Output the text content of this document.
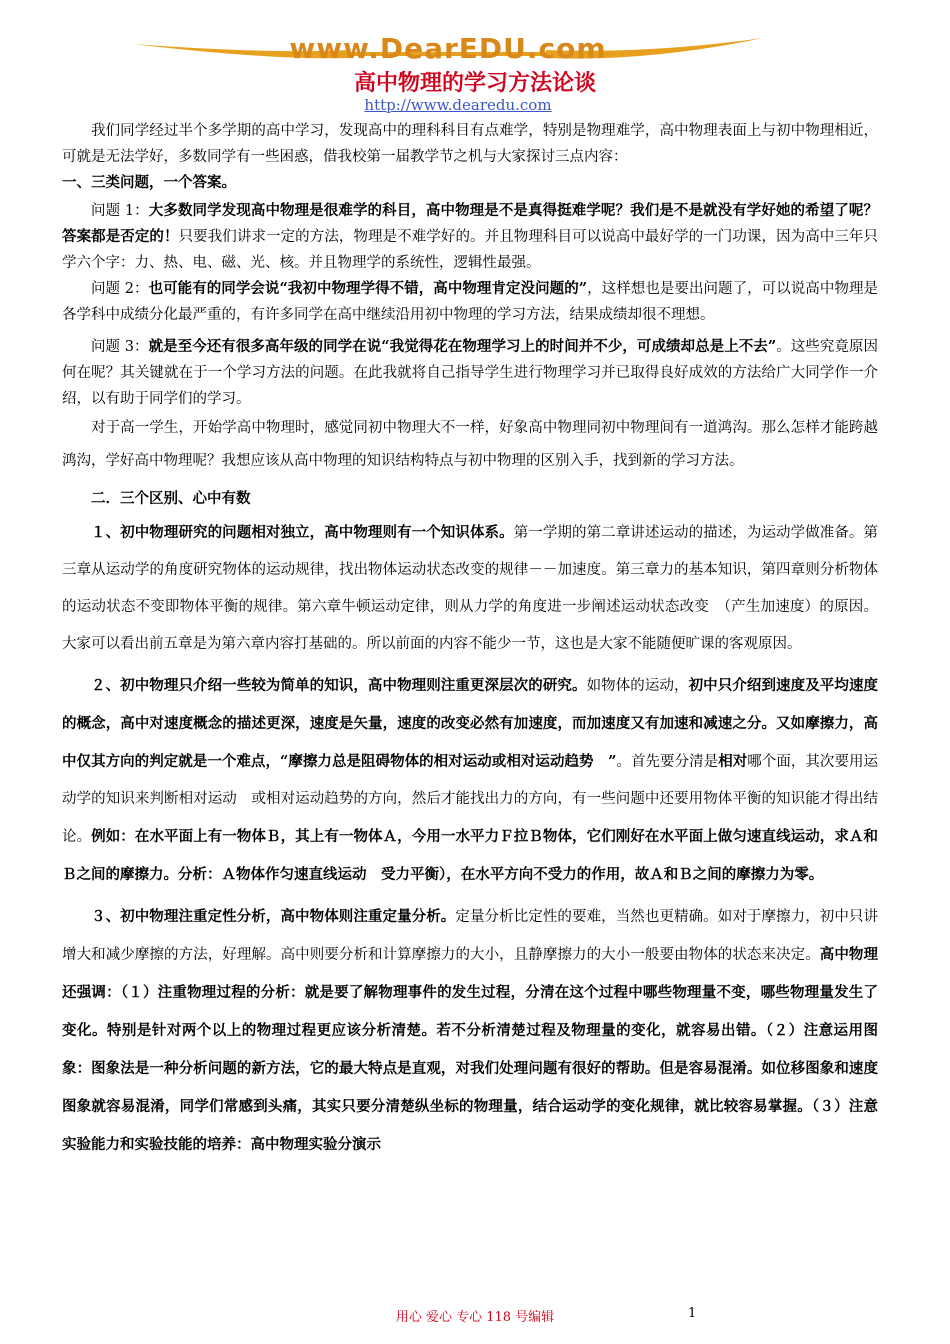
www.DearEDU.com
高中物理的学习方法论谈
http://www.dearedu.com

我们同学经过半个多学期的高中学习，发现高中的理科科目有点难学，特别是物理难学，高中物理表面上与初中物理相近，可就是无法学好，多数同学有一些困惑，借我校第一届教学节之机与大家探讨三点内容：

一、三类问题，一个答案。

问题 1：大多数同学发现高中物理是很难学的科目，高中物理是不是真得挺难学呢？我们是不是就没有学好她的希望了呢？答案都是否定的！只要我们讲求一定的方法，物理是不难学好的。并且物理科目可以说高中最好学的一门功课，因为高中三年只学六个字：力、热、电、磁、光、核。并且物理学的系统性，逻辑性最强。

问题 2：也可能有的同学会说“我初中物理学得不错，高中物理肯定没问题的”，这样想也是要出问题了，可以说高中物理是各学科中成绩分化最严重的，有许多同学在高中继续沿用初中物理的学习方法，结果成绩却很不理想。

问题 3：就是至今还有很多高年级的同学在说“我觉得花在物理学习上的时间并不少，可成绩却总是上不去”。这些究竟原因何在呢？其关键就在于一个学习方法的问题。在此我就将自己指导学生进行物理学习并已取得良好成效的方法给广大同学作一介绍，以有助于同学们的学习。

对于高一学生，开始学高中物理时，感觉同初中物理大不一样，好象高中物理同初中物理间有一道鸿沟。那么怎样才能跨越鸿沟，学好高中物理呢？我想应该从高中物理的知识结构特点与初中物理的区别入手，找到新的学习方法。

二．三个区别、心中有数

１、初中物理研究的问题相对独立，高中物理则有一个知识体系。第一学期的第二章讲述运动的描述，为运动学做准备。第三章从运动学的角度研究物体的运动规律，找出物体运动状态改变的规律－－加速度。第三章力的基本知识，第四章则分析物体的运动状态不变即物体平衡的规律。第六章牛顿运动定律，则从力学的角度进一步阐述运动状态改变　（产生加速度）的原因。大家可以看出前五章是为第六章内容打基础的。所以前面的内容不能少一节，这也是大家不能随便旷课的客观原因。

２、初中物理只介绍一些较为简单的知识，高中物理则注重更深层次的研究。如物体的运动，初中只介绍到速度及平均速度的概念，高中对速度概念的描述更深，速度是矢量，速度的改变必然有加速度，而加速度又有加速和减速之分。又如摩擦力，高中仅其方向的判定就是一个难点，“摩擦力总是阻碍物体的相对运动或相对运动趋势　”。首先要分清是相对哪个面，其次要用运动学的知识来判断相对运动　或相对运动趋势的方向，然后才能找出力的方向，有一些问题中还要用物体平衡的知识能才得出结论。例如：在水平面上有一物体Ｂ，其上有一物体Ａ，今用一水平力Ｆ拉Ｂ物体，它们刚好在水平面上做匀速直线运动，求Ａ和Ｂ之间的摩擦力。分析：Ａ物体作匀速直线运动　受力平衡），在水平方向不受力的作用，故Ａ和Ｂ之间的摩擦力为零。

３、初中物理注重定性分析，高中物体则注重定量分析。定量分析比定性的要难，当然也更精确。如对于摩擦力，初中只讲增大和减少摩擦的方法，好理解。高中则要分析和计算摩擦力的大小，且静摩擦力的大小一般要由物体的状态来决定。高中物理还强调：（１）注重物理过程的分析：就是要了解物理事件的发生过程，分清在这个过程中哪些物理量不变，哪些物理量发生了变化。特别是针对两个以上的物理过程更应该分析清楚。若不分析清楚过程及物理量的变化，就容易出错。（２）注意运用图象：图象法是一种分析问题的新方法，它的最大特点是直观，对我们处理问题有很好的帮助。但是容易混淆。如位移图象和速度图象就容易混淆，同学们常感到头痛，其实只要分清楚纵坐标的物理量，结合运动学的变化规律，就比较容易掌握。（３）注意实验能力和实验技能的培养：高中物理实验分演示

用心 爱心 专心 118 号编辑	1
